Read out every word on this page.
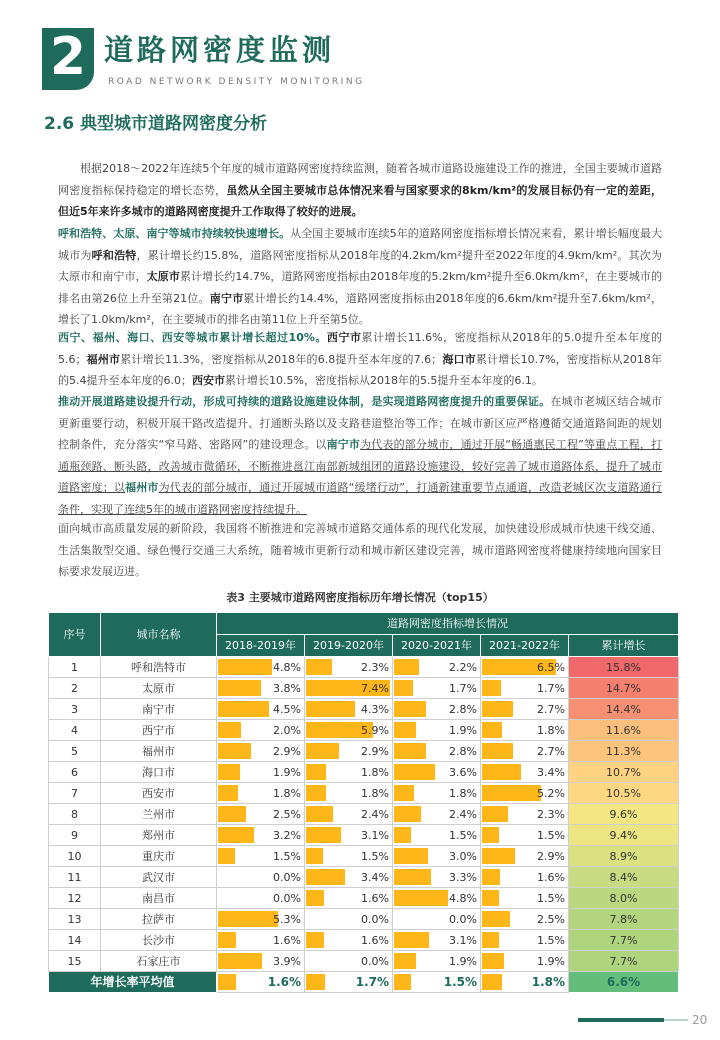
2 道路网密度监测
ROAD NETWORK DENSITY MONITORING
2.6 典型城市道路网密度分析

根据2018～2022年连续5个年度的城市道路网密度持续监测，随着各城市道路设施建设工作的推进，全国主要城市道路网密度指标保持稳定的增长态势，虽然从全国主要城市总体情况来看与国家要求的8km/km²的发展目标仍有一定的差距，但近5年来许多城市的道路网密度提升工作取得了较好的进展。

呼和浩特、太原、南宁等城市持续较快速增长。从全国主要城市连续5年的道路网密度指标增长情况来看，累计增长幅度最大城市为呼和浩特，累计增长约15.8%，道路网密度指标从2018年度的4.2km/km²提升至2022年度的4.9km/km²。其次为太原市和南宁市，太原市累计增长约14.7%，道路网密度指标由2018年度的5.2km/km²提升至6.0km/km²，在主要城市的排名由第26位上升至第21位。南宁市累计增长约14.4%，道路网密度指标由2018年度的6.6km/km²提升至7.6km/km²，增长了1.0km/km²，在主要城市的排名由第11位上升至第5位。

西宁、福州、海口、西安等城市累计增长超过10%。西宁市累计增长11.6%，密度指标从2018年的5.0提升至本年度的5.6；福州市累计增长11.3%，密度指标从2018年的6.8提升至本年度的7.6；海口市累计增长10.7%，密度指标从2018年的5.4提升至本年度的6.0；西安市累计增长10.5%，密度指标从2018年的5.5提升至本年度的6.1。

推动开展道路建设提升行动，形成可持续的道路设施建设体制，是实现道路网密度提升的重要保证。在城市老城区结合城市更新重要行动，积极开展干路改造提升、打通断头路以及支路巷道整治等工作；在城市新区应严格遵循交通道路间距的规划控制条件，充分落实“窄马路、密路网”的建设理念。以南宁市为代表的部分城市，通过开展“畅通惠民工程”等重点工程，打通瓶颈路、断头路，改善城市微循环，不断推进邕江南部新城组团的道路设施建设，较好完善了城市道路体系，提升了城市道路密度；以福州市为代表的部分城市，通过开展城市道路“缓堵行动”，打通新建重要节点通道，改造老城区次支道路通行条件，实现了连续5年的城市道路网密度持续提升。

面向城市高质量发展的新阶段，我国将不断推进和完善城市道路交通体系的现代化发展，加快建设形成城市快速干线交通、生活集散型交通、绿色慢行交通三大系统，随着城市更新行动和城市新区建设完善，城市道路网密度将健康持续地向国家目标要求发展迈进。

表3 主要城市道路网密度指标历年增长情况（top15）
序号	城市名称	道路网密度指标增长情况				
		2018-2019年	2019-2020年	2020-2021年	2021-2022年	累计增长
1	呼和浩特市	4.8%	2.3%	2.2%	6.5%	15.8%
2	太原市	3.8%	7.4%	1.7%	1.7%	14.7%
3	南宁市	4.5%	4.3%	2.8%	2.7%	14.4%
4	西宁市	2.0%	5.9%	1.9%	1.8%	11.6%
5	福州市	2.9%	2.9%	2.8%	2.7%	11.3%
6	海口市	1.9%	1.8%	3.6%	3.4%	10.7%
7	西安市	1.8%	1.8%	1.8%	5.2%	10.5%
8	兰州市	2.5%	2.4%	2.4%	2.3%	9.6%
9	郑州市	3.2%	3.1%	1.5%	1.5%	9.4%
10	重庆市	1.5%	1.5%	3.0%	2.9%	8.9%
11	武汉市	0.0%	3.4%	3.3%	1.6%	8.4%
12	南昌市	0.0%	1.6%	4.8%	1.5%	8.0%
13	拉萨市	5.3%	0.0%	0.0%	2.5%	7.8%
14	长沙市	1.6%	1.6%	3.1%	1.5%	7.7%
15	石家庄市	3.9%	0.0%	1.9%	1.9%	7.7%
年增长率平均值		1.6%	1.7%	1.5%	1.8%	6.6%
20
